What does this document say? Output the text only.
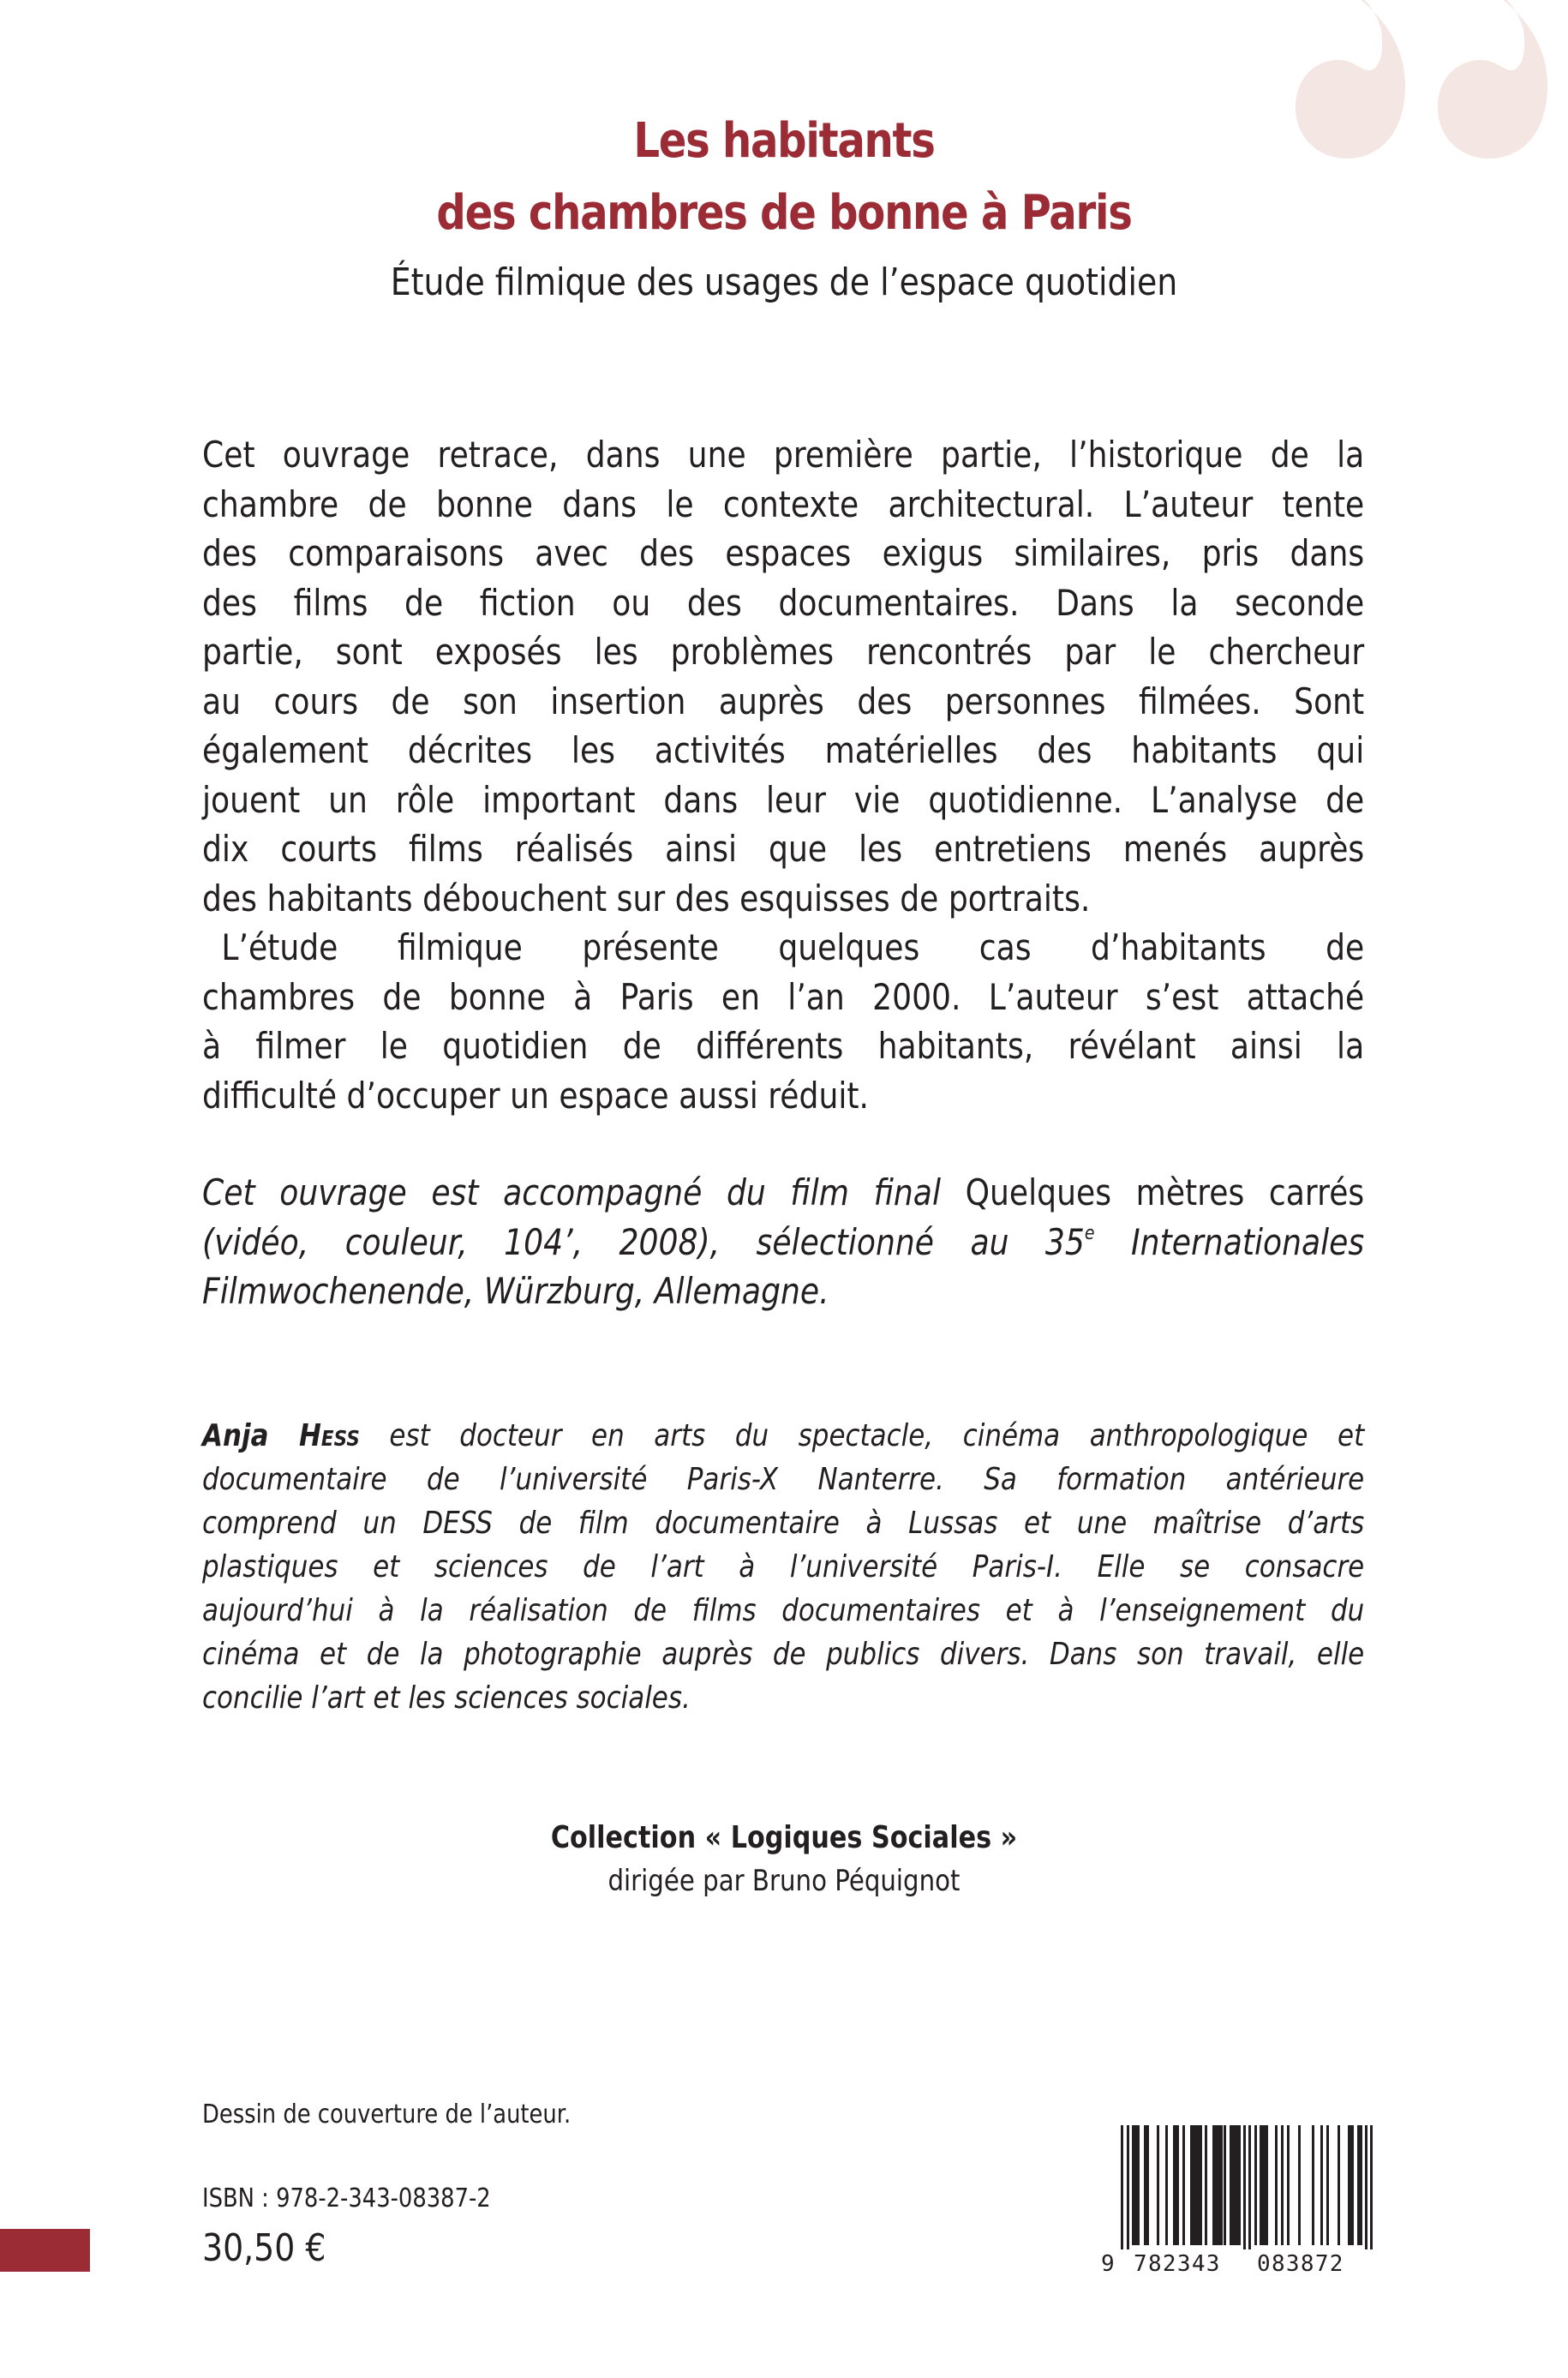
Les habitants
des chambres de bonne à Paris
Étude filmique des usages de l’espace quotidien

Cet ouvrage retrace, dans une première partie, l’historique de la
chambre de bonne dans le contexte architectural. L’auteur tente
des comparaisons avec des espaces exigus similaires, pris dans
des films de fiction ou des documentaires. Dans la seconde
partie, sont exposés les problèmes rencontrés par le chercheur
au cours de son insertion auprès des personnes filmées. Sont
également décrites les activités matérielles des habitants qui
jouent un rôle important dans leur vie quotidienne. L’analyse de
dix courts films réalisés ainsi que les entretiens menés auprès
des habitants débouchent sur des esquisses de portraits.

L’étude filmique présente quelques cas d’habitants de
chambres de bonne à Paris en l’an 2000. L’auteur s’est attaché
à filmer le quotidien de différents habitants, révélant ainsi la
difficulté d’occuper un espace aussi réduit.

Cet ouvrage est accompagné du film final Quelques mètres carrés
(vidéo, couleur, 104’, 2008), sélectionné au 35e Internationales
Filmwochenende, Würzburg, Allemagne.

Anja Hess est docteur en arts du spectacle, cinéma anthropologique et
documentaire de l’université Paris-X Nanterre. Sa formation antérieure
comprend un DESS de film documentaire à Lussas et une maîtrise d’arts
plastiques et sciences de l’art à l’université Paris-I. Elle se consacre
aujourd’hui à la réalisation de films documentaires et à l’enseignement du
cinéma et de la photographie auprès de publics divers. Dans son travail, elle
concilie l’art et les sciences sociales.

Collection « Logiques Sociales »
dirigée par Bruno Péquignot
Dessin de couverture de l’auteur.
ISBN : 978-2-343-08387-2
30,50 €	9 782343 083872
